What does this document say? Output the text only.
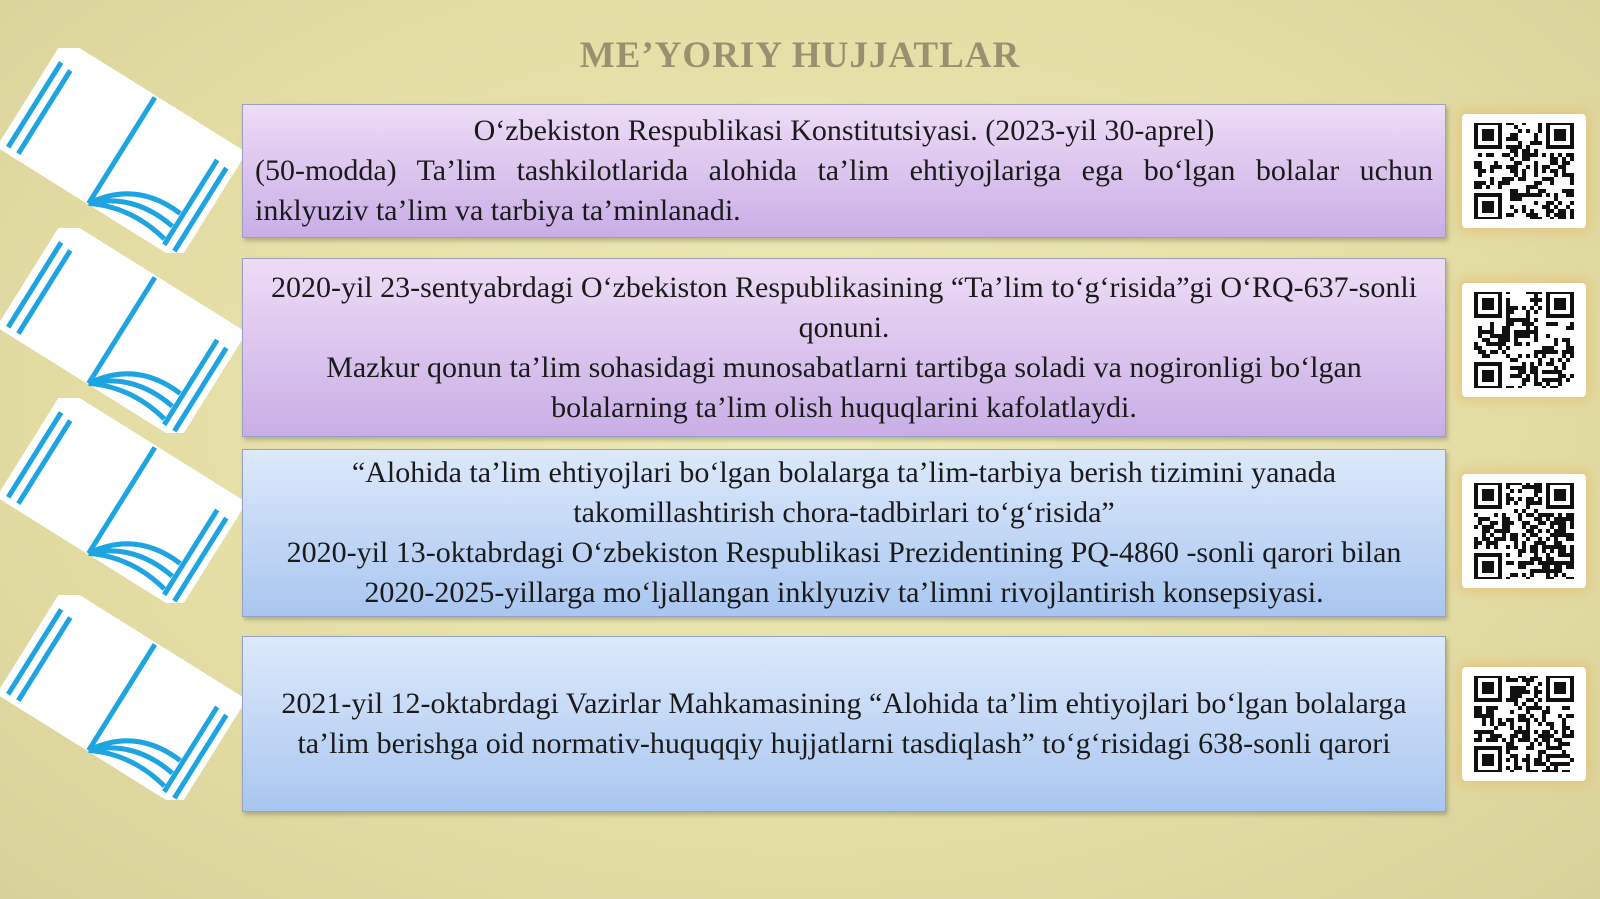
ME’YORIY HUJJATLAR

O‘zbekiston Respublikasi Konstitutsiyasi. (2023-yil 30-aprel)

(50-modda) Ta’lim tashkilotlarida alohida ta’lim ehtiyojlariga ega bo‘lgan bolalar uchun inklyuziv ta’lim va tarbiya ta’minlanadi.

2020-yil 23-sentyabrdagi O‘zbekiston Respublikasining “Ta’lim to‘g‘risida”gi O‘RQ-637-sonli qonuni.

Mazkur qonun ta’lim sohasidagi munosabatlarni tartibga soladi va nogironligi bo‘lgan bolalarning ta’lim olish huquqlarini kafolatlaydi.

“Alohida ta’lim ehtiyojlari bo‘lgan bolalarga ta’lim-tarbiya berish tizimini yanada takomillashtirish chora-tadbirlari to‘g‘risida”

2020-yil 13-oktabrdagi O‘zbekiston Respublikasi Prezidentining PQ-4860 -sonli qarori bilan 2020-2025-yillarga mo‘ljallangan inklyuziv ta’limni rivojlantirish konsepsiyasi.

2021-yil 12-oktabrdagi Vazirlar Mahkamasining “Alohida ta’lim ehtiyojlari bo‘lgan bolalarga ta’lim berishga oid normativ-huquqqiy hujjatlarni tasdiqlash” to‘g‘risidagi 638-sonli qarori
